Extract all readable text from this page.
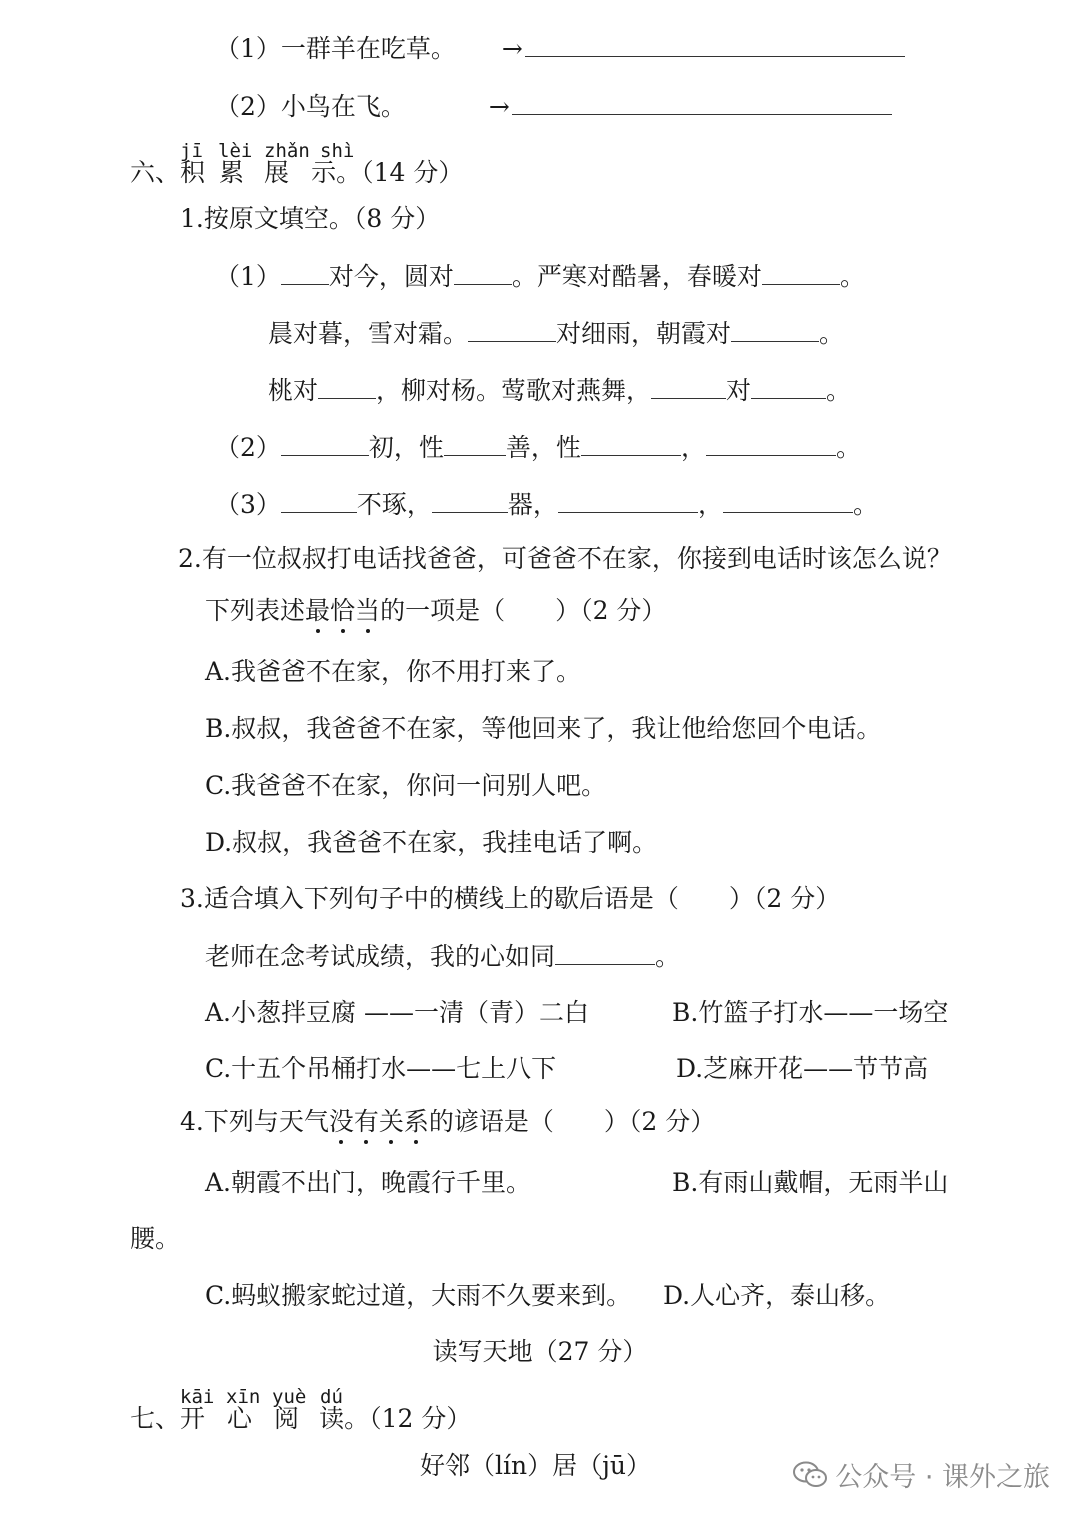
（1）一群羊在吃草。 →
（2）小鸟在飞。	→
jī lèi zhǎn shì
六、积 累 展 示。（14 分）
1.按原文填空。（8 分）
（1） 对今，圆对 。严寒对酷暑，春暖对	。
晨对暮，雪对霜。	对细雨，朝霞对	。
桃对 ，柳对杨。莺歌对燕舞，	对	。
（2）	初，性 善，性	，	。
（3）	不琢，	器，	，	。
2.有一位叔叔打电话找爸爸，可爸爸不在家，你接到电话时该怎么说？
下列表述最恰当的一项是（　　）（2 分）
A.我爸爸不在家，你不用打来了。
B.叔叔，我爸爸不在家，等他回来了，我让他给您回个电话。
C.我爸爸不在家，你问一问别人吧。
D.叔叔，我爸爸不在家，我挂电话了啊。
3.适合填入下列句子中的横线上的歇后语是（　　）（2 分）
老师在念考试成绩，我的心如同	。
A.小葱拌豆腐 ——一清（青）二白	B.竹篮子打水——一场空
C.十五个吊桶打水——七上八下	D.芝麻开花——节节高
4.下列与天气没有关系的谚语是（　　）（2 分）
A.朝霞不出门，晚霞行千里。	B.有雨山戴帽，无雨半山
腰。
C.蚂蚁搬家蛇过道，大雨不久要来到。 D.人心齐，泰山移。
读写天地（27 分）
kāi xīn yuè dú
七、开 心 阅 读。（12 分）
好邻（lín）居（jū）	公众号 · 课外之旅
